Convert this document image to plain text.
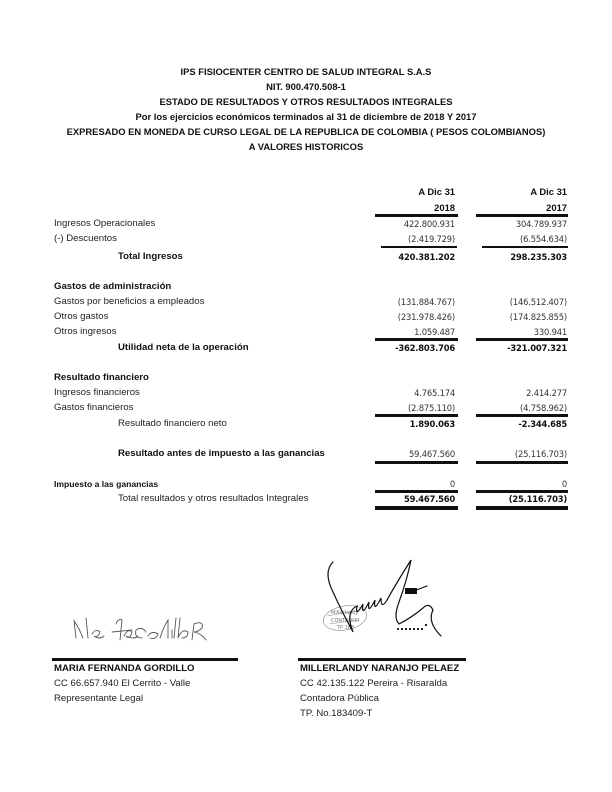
IPS FISIOCENTER CENTRO DE SALUD INTEGRAL S.A.S
NIT. 900.470.508-1
ESTADO DE RESULTADOS Y OTROS RESULTADOS INTEGRALES
Por los ejercicios económicos terminados al 31 de diciembre de 2018 Y 2017
EXPRESADO EN MONEDA DE CURSO LEGAL DE LA REPUBLICA DE COLOMBIA ( PESOS COLOMBIANOS)
A VALORES HISTORICOS
A Dic 31
2018
A Dic 31
2017
Ingresos Operacionales	422.800.931	304.789.937
(-) Descuentos	(2.419.729)	(6.554.634)
Total Ingresos	420.381.202	298.235.303
Gastos de administración
Gastos por beneficios a empleados	(131.884.767)	(146.512.407)
Otros gastos	(231.978.426)	(174.825.855)
Otros ingresos	1.059.487	330.941
Utilidad neta de la operación	-362.803.706	-321.007.321
Resultado financiero
Ingresos financieros	4.765.174	2.414.277
Gastos financieros	(2.875.110)	(4.758.962)
Resultado financiero neto	1.890.063	-2.344.685
Resultado antes de impuesto a las ganancias	59.467.560	(25.116.703)
Impuesto a las ganancias	0	0
Total resultados y otros resultados Integrales	59.467.560	(25.116.703)
Millerlandy
CONTADOR
TP 183
MARIA FERNANDA GORDILLO
CC 66.657.940 El Cerrito - Valle
Representante Legal
MILLERLANDY NARANJO PELAEZ
CC 42.135.122 Pereira - Risaralda
Contadora Pública
TP. No.183409-T
